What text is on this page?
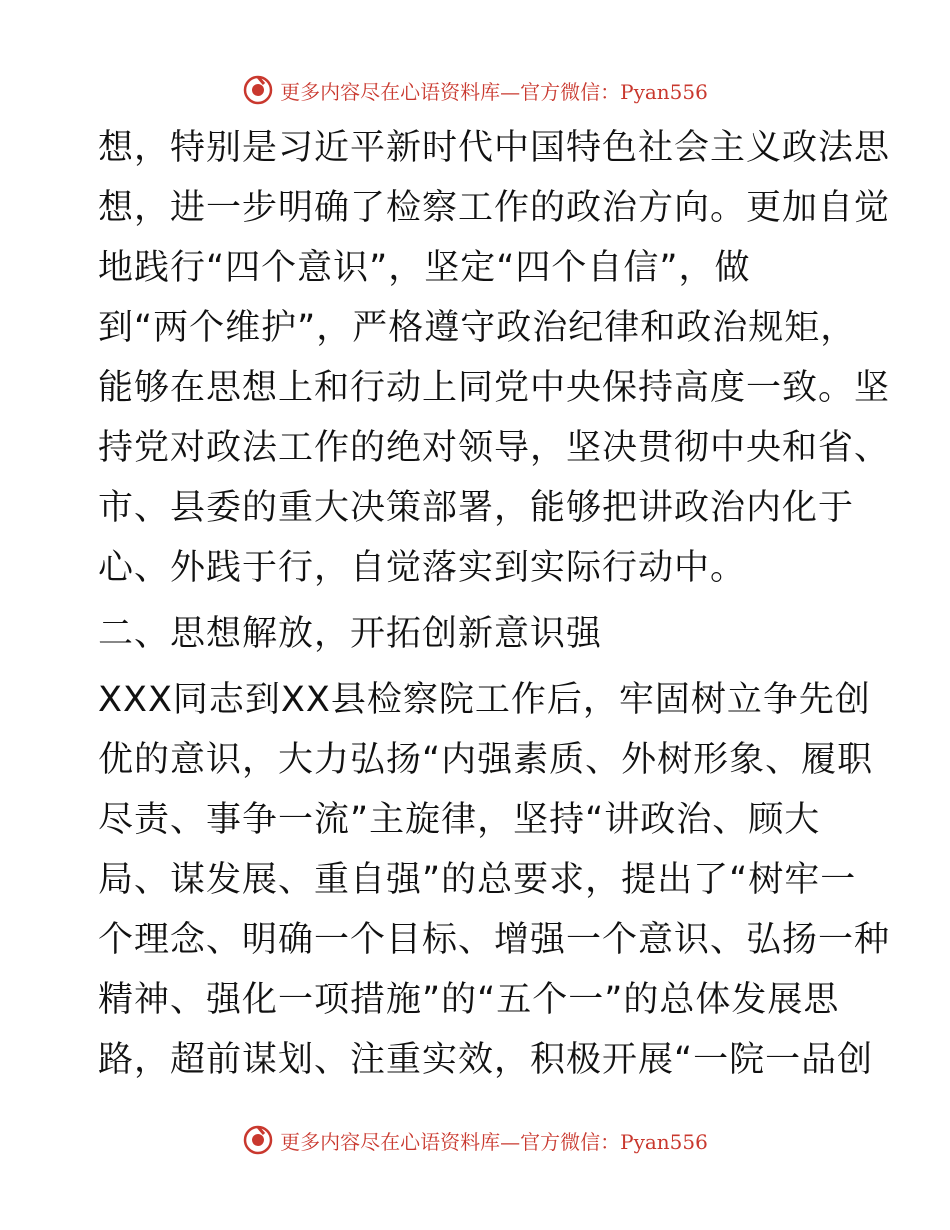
更多内容尽在心语资料库—官方微信：Pyan556
想，特别是习近平新时代中国特色社会主义政法思
想，进一步明确了检察工作的政治方向。更加自觉
地践行“四个意识”，坚定“四个自信”，做
到“两个维护”，严格遵守政治纪律和政治规矩，
能够在思想上和行动上同党中央保持高度一致。坚
持党对政法工作的绝对领导，坚决贯彻中央和省、
市、县委的重大决策部署，能够把讲政治内化于
心、外践于行，自觉落实到实际行动中。
二、思想解放，开拓创新意识强
XXX同志到XX县检察院工作后，牢固树立争先创
优的意识，大力弘扬“内强素质、外树形象、履职
尽责、事争一流”主旋律，坚持“讲政治、顾大
局、谋发展、重自强”的总要求，提出了“树牢一
个理念、明确一个目标、增强一个意识、弘扬一种
精神、强化一项措施”的“五个一”的总体发展思
路，超前谋划、注重实效，积极开展“一院一品创
更多内容尽在心语资料库—官方微信：Pyan556
